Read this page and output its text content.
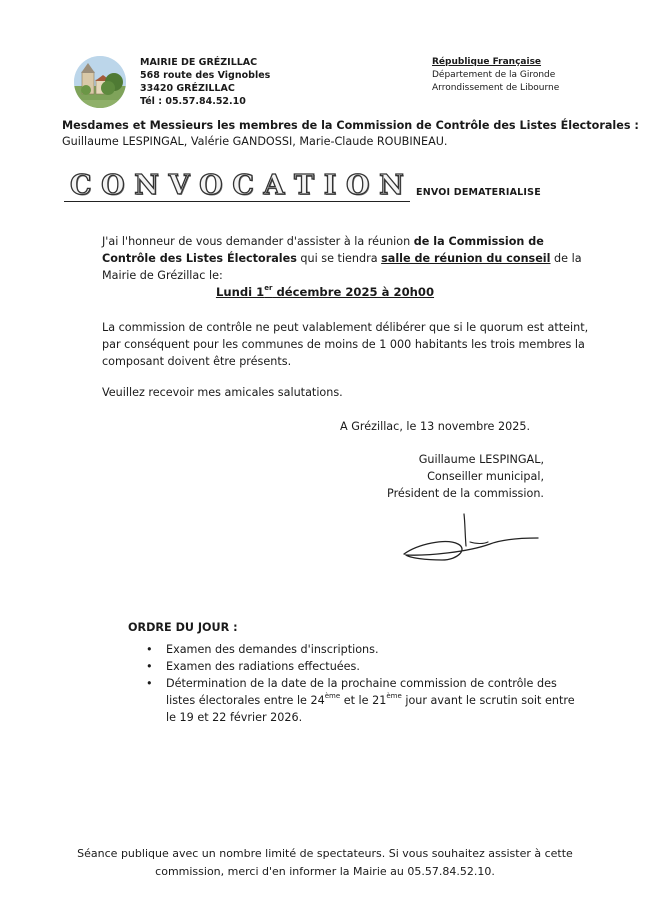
MAIRIE DE GRÉZILLAC
568 route des Vignobles
33420 GRÉZILLAC
Tél : 05.57.84.52.10
République Française
Département de la Gironde
Arrondissement de Libourne
Mesdames et Messieurs les membres de la Commission de Contrôle des Listes Électorales :
Guillaume LESPINGAL, Valérie GANDOSSI, Marie-Claude ROUBINEAU.
C O N V O C A T I O N ENVOI DEMATERIALISE
J'ai l'honneur de vous demander d'assister à la réunion de la Commission de Contrôle des Listes Électorales qui se tiendra salle de réunion du conseil de la Mairie de Grézillac le:
Lundi 1er décembre 2025 à 20h00
La commission de contrôle ne peut valablement délibérer que si le quorum est atteint, par conséquent pour les communes de moins de 1 000 habitants les trois membres la composant doivent être présents.
Veuillez recevoir mes amicales salutations.
A Grézillac, le 13 novembre 2025.
Guillaume LESPINGAL,
Conseiller municipal,
Président de la commission.
ORDRE DU JOUR :
• Examen des demandes d'inscriptions.
• Examen des radiations effectuées.
• Détermination de la date de la prochaine commission de contrôle des listes électorales entre le 24ème et le 21ème jour avant le scrutin soit entre le 19 et 22 février 2026.
Séance publique avec un nombre limité de spectateurs. Si vous souhaitez assister à cette
commission, merci d'en informer la Mairie au 05.57.84.52.10.
